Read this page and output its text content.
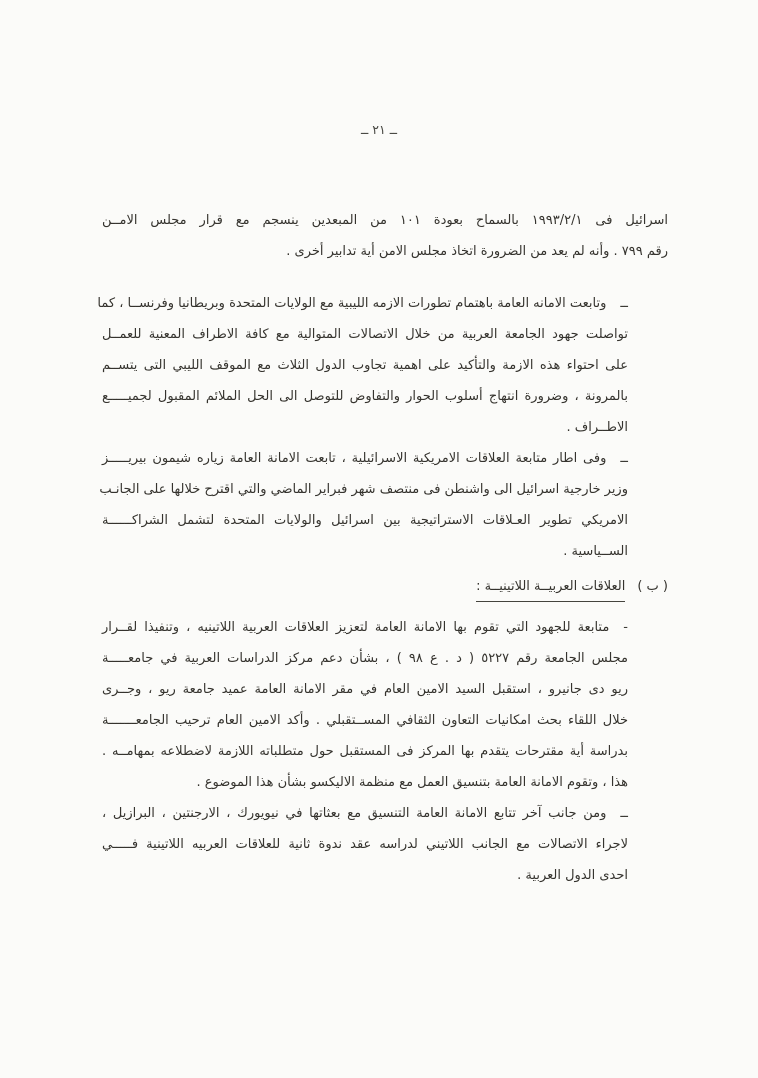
ــ ٢١ ــ
اسرائيل فى ١٩٩٣/٢/١ بالسماح بعودة ١٠١ من المبعدين ينسجم مع قرار مجلس الامــن
رقم ٧٩٩ . وأنه لم يعد من الضرورة اتخاذ مجلس الامن أية تدابير أخرى .
ــوتابعت الامانه العامة باهتمام تطورات الازمه الليبية مع الولايات المتحدة وبريطانيا وفرنســا ، كما
تواصلت جهود الجامعة العربية من خلال الاتصالات المتوالية مع كافة الاطراف المعنية للعمــل
على احتواء هذه الازمة والتأكيد على اهمية تجاوب الدول الثلاث مع الموقف الليبي التى يتســم
بالمرونة ، وضرورة انتهاج أسلوب الحوار والتفاوض للتوصل الى الحل الملائم المقبول لجميـــــع
الاطــراف .
ــوفى اطار متابعة العلاقات الامريكية الاسرائيلية ، تابعت الامانة العامة زياره شيمون بيريـــــز
وزير خارجية اسرائيل الى واشنطن فى منتصف شهر فبراير الماضي والتي اقترح خلالها على الجانـب
الامريكي تطوير العـلاقات الاستراتيجية بين اسرائيل والولايات المتحدة لتشمل الشراكــــــة
الســياسية .
( ب )العلاقات العربيــة اللاتينيــة :
-متابعة للجهود التي تقوم بها الامانة العامة لتعزيز العلاقات العربية اللاتينيه ، وتنفيذا لقــرار
مجلس الجامعة رقم ٥٢٢٧ ( د . ع ٩٨ ) ، بشأن دعم مركز الدراسات العربية في جامعـــــة
ريو دى جانيرو ، استقبل السيد الامين العام في مقر الامانة العامة عميد جامعة ريو ، وجــرى
خلال اللقاء بحث امكانيات التعاون الثقافي المســتقبلي . وأكد الامين العام ترحيب الجامعـــــــة
بدراسة أية مقترحات يتقدم بها المركز فى المستقبل حول متطلباته اللازمة لاضطلاعه بمهامــه .
هذا ، وتقوم الامانة العامة بتنسيق العمل مع منظمة الاليكسو بشأن هذا الموضوع .
ــومن جانب آخر تتابع الامانة العامة التنسيق مع بعثاتها في نيويورك ، الارجنتين ، البرازيل ،
لاجراء الاتصالات مع الجانب اللاتيني لدراسه عقد ندوة ثانية للعلاقات العربيه اللاتينية فـــــي
احدى الدول العربية .
